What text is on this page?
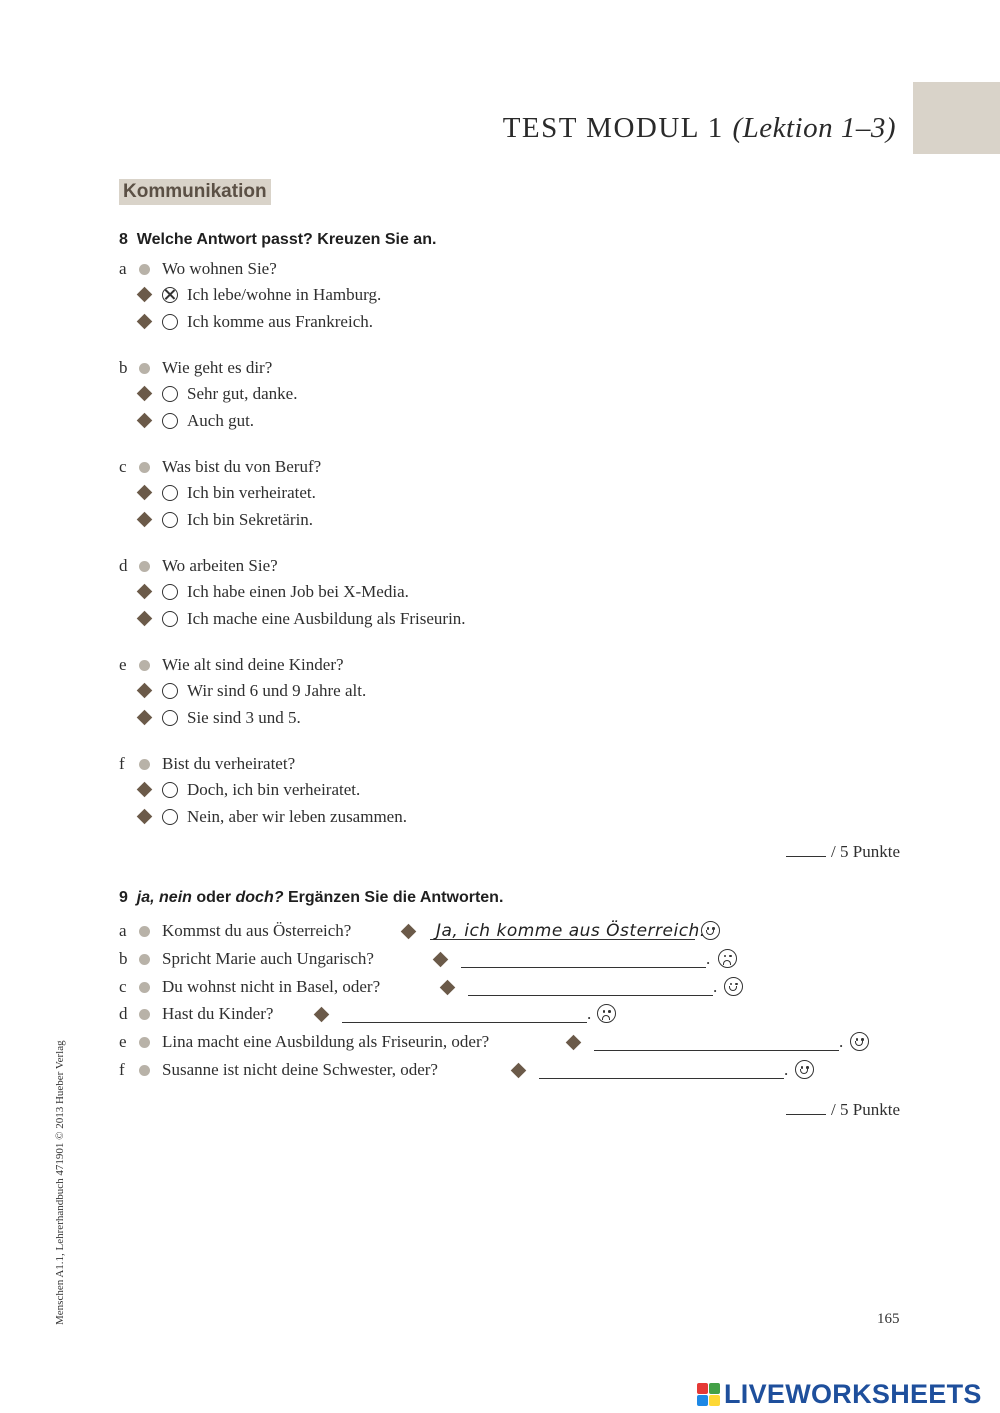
TEST MODUL 1 (Lektion 1–3)
Kommunikation
8 Welche Antwort passt? Kreuzen Sie an.
a	Wo wohnen Sie?
Ich lebe/wohne in Hamburg.
Ich komme aus Frankreich.
b	Wie geht es dir?
Sehr gut, danke.
Auch gut.
c	Was bist du von Beruf?
Ich bin verheiratet.
Ich bin Sekretärin.
d	Wo arbeiten Sie?
Ich habe einen Job bei X-Media.
Ich mache eine Ausbildung als Friseurin.
e	Wie alt sind deine Kinder?
Wir sind 6 und 9 Jahre alt.
Sie sind 3 und 5.
f	Bist du verheiratet?
Doch, ich bin verheiratet.
Nein, aber wir leben zusammen.
/ 5 Punkte
9 ja, nein oder doch? Ergänzen Sie die Antworten.
a	Kommst du aus Österreich?	Ja, ich komme aus Österreich.
b	Spricht Marie auch Ungarisch?	.
c	Du wohnst nicht in Basel, oder?	.
d	Hast du Kinder?	.
e	Lina macht eine Ausbildung als Friseurin, oder?	.
f	Susanne ist nicht deine Schwester, oder?	.
/ 5 Punkte
Menschen A1.1, Lehrerhandbuch 471901 © 2013 Hueber Verlag	165
LIVEWORKSHEETS
